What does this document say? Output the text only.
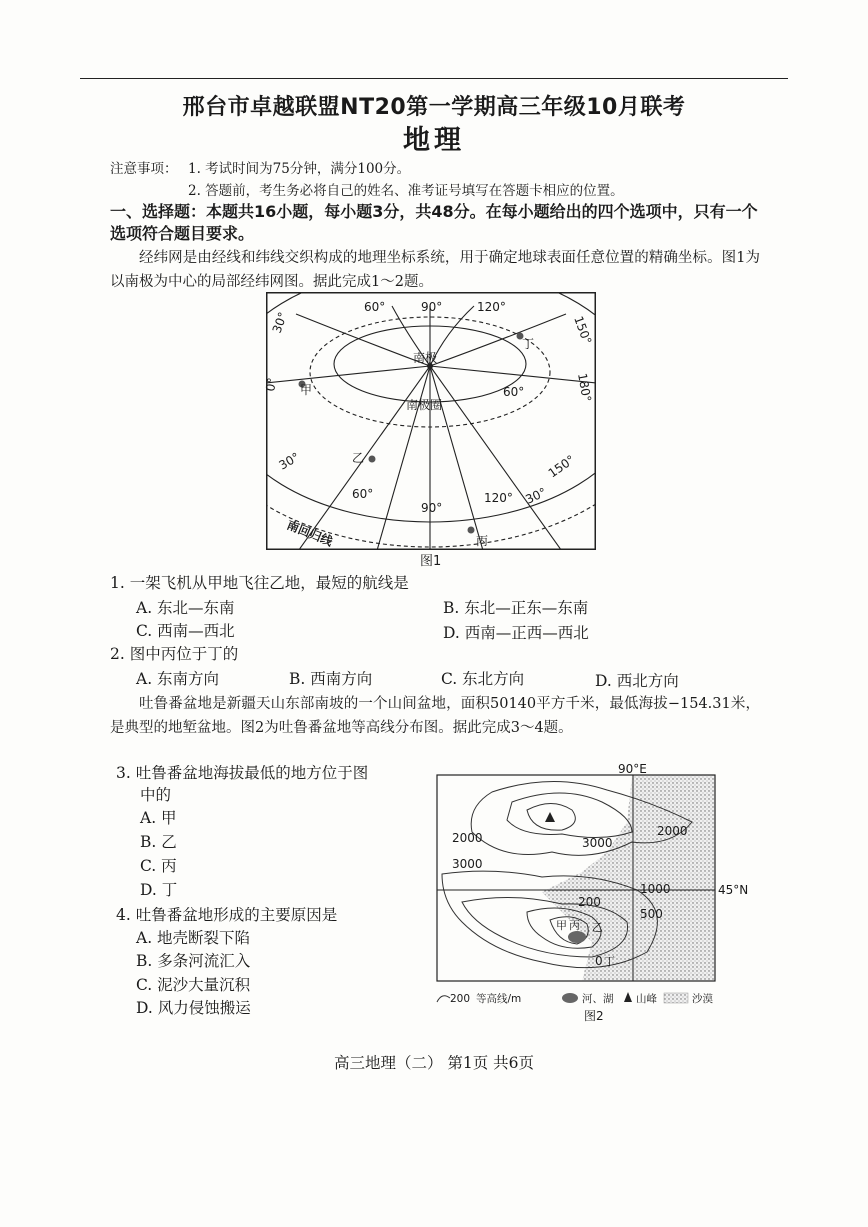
邢台市卓越联盟NT20第一学期高三年级10月联考
地理
注意事项： 1. 考试时间为75分钟，满分100分。
2. 答题前，考生务必将自己的姓名、准考证号填写在答题卡相应的位置。
一、选择题：本题共16小题，每小题3分，共48分。在每小题给出的四个选项中，只有一个选项符合题目要求。
经纬网是由经线和纬线交织构成的地理坐标系统，用于确定地球表面任意位置的精确坐标。图1为以南极为中心的局部经纬网图。据此完成1～2题。
南极
南极圈
南回归线
甲
乙
丙
丁
60°	90°	120°
30°	150°
0°	180°
60°
30°
60°
90°
120°
150°
30°
图1
1. 一架飞机从甲地飞往乙地，最短的航线是
A. 东北—东南	B. 东北—正东—东南
C. 西南—西北	D. 西南—正西—西北
2. 图中丙位于丁的
A. 东南方向	B. 西南方向	C. 东北方向	D. 西北方向
吐鲁番盆地是新疆天山东部南坡的一个山间盆地，面积50140平方千米，最低海拔−154.31米，是典型的地堑盆地。图2为吐鲁番盆地等高线分布图。据此完成3～4题。
3. 吐鲁番盆地海拔最低的地方位于图
中的
A. 甲
B. 乙
C. 丙
D. 丁
4. 吐鲁番盆地形成的主要原因是
A. 地壳断裂下陷
B. 多条河流汇入
C. 泥沙大量沉积
D. 风力侵蚀搬运
90°E
45°N
2000
3000
3000
2000
1000
500
200
0
甲 丙 乙
丁
200 等高线/m	河、湖 山峰	沙漠
图2
高三地理（二） 第1页 共6页
